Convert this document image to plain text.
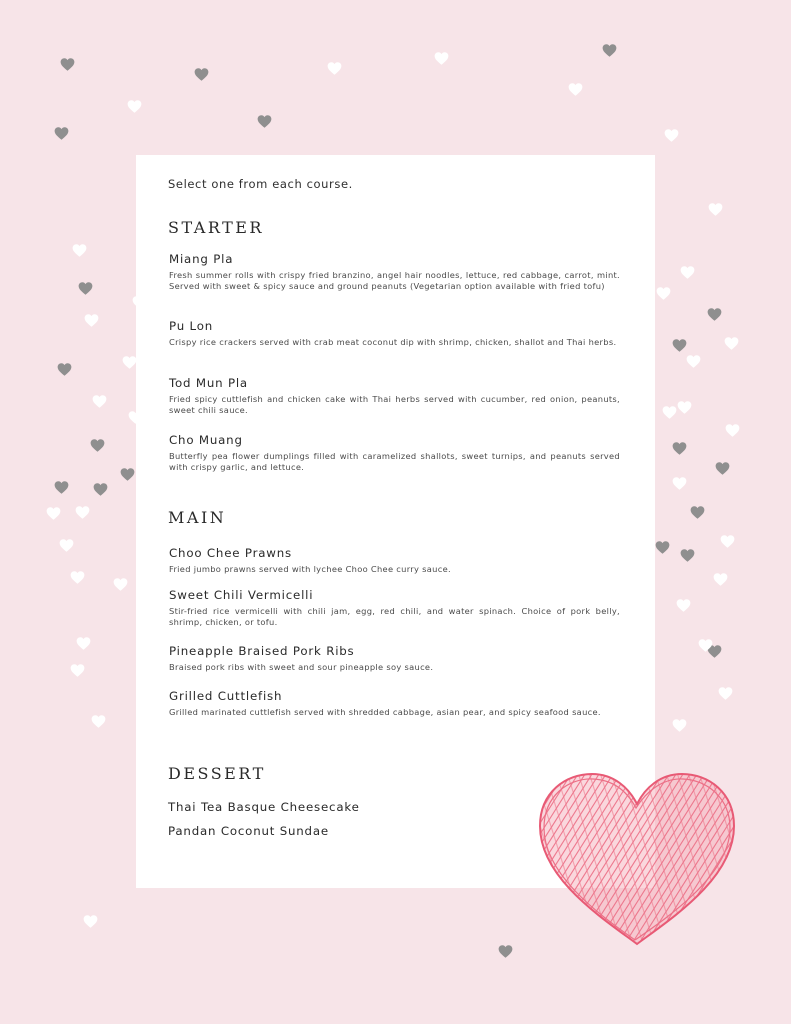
Select one from each course.
STARTER
Miang Pla
Fresh summer rolls with crispy fried branzino, angel hair noodles, lettuce, red cabbage, carrot, mint. Served with sweet & spicy sauce and ground peanuts (Vegetarian option available with fried tofu)
Pu Lon
Crispy rice crackers served with crab meat coconut dip with shrimp, chicken, shallot and Thai herbs.
Tod Mun Pla
Fried spicy cuttlefish and chicken cake with Thai herbs served with cucumber, red onion, peanuts, sweet chili sauce.
Cho Muang
Butterfly pea flower dumplings filled with caramelized shallots, sweet turnips, and peanuts served with crispy garlic, and lettuce.
MAIN
Choo Chee Prawns
Fried jumbo prawns served with lychee Choo Chee curry sauce.
Sweet Chili Vermicelli
Stir-fried rice vermicelli with chili jam, egg, red chili, and water spinach. Choice of pork belly, shrimp, chicken, or tofu.
Pineapple Braised Pork Ribs
Braised pork ribs with sweet and sour pineapple soy sauce.
Grilled Cuttlefish
Grilled marinated cuttlefish served with shredded cabbage, asian pear, and spicy seafood sauce.
DESSERT
Thai Tea Basque Cheesecake
Pandan Coconut Sundae
